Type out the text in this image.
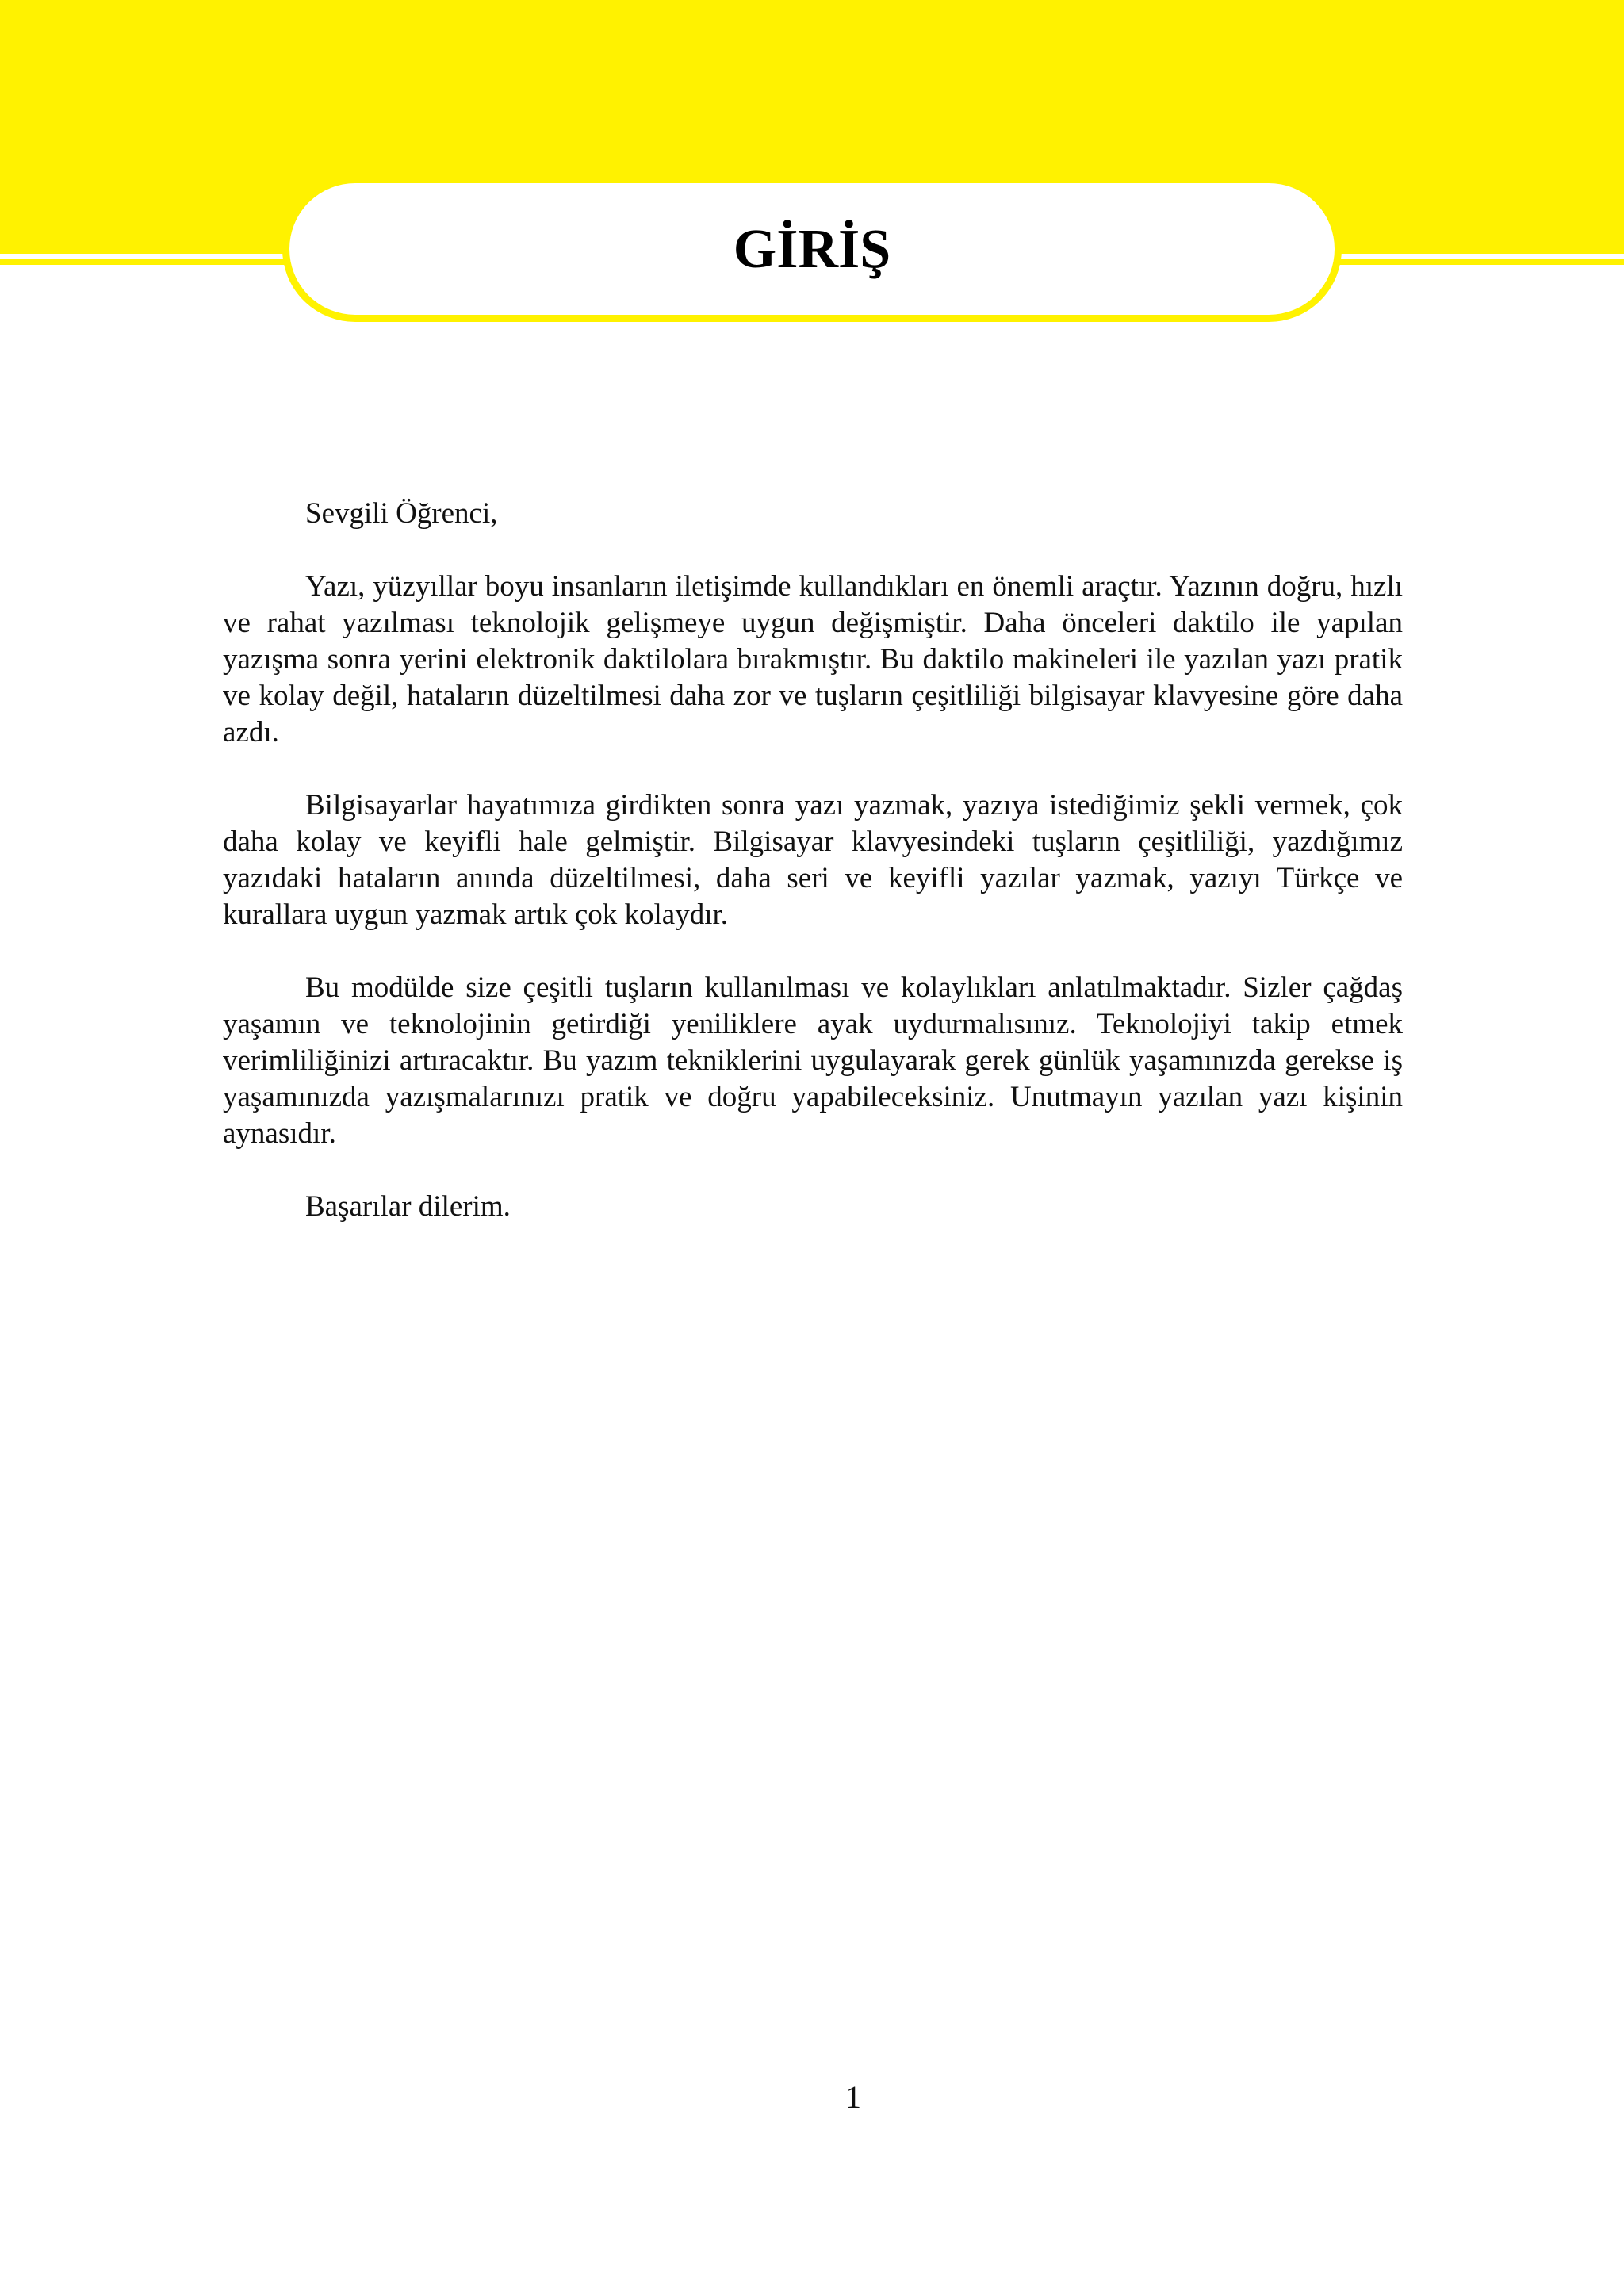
GİRİŞ

Sevgili Öğrenci,

Yazı, yüzyıllar boyu insanların iletişimde kullandıkları en önemli araçtır. Yazının doğru, hızlı ve rahat yazılması teknolojik gelişmeye uygun değişmiştir. Daha önceleri daktilo ile yapılan yazışma sonra yerini elektronik daktilolara bırakmıştır. Bu daktilo makineleri ile yazılan yazı pratik ve kolay değil, hataların düzeltilmesi daha zor ve tuşların çeşitliliği bilgisayar klavyesine göre daha azdı.

Bilgisayarlar hayatımıza girdikten sonra yazı yazmak, yazıya istediğimiz şekli vermek, çok daha kolay ve keyifli hale gelmiştir. Bilgisayar klavyesindeki tuşların çeşitliliği, yazdığımız yazıdaki hataların anında düzeltilmesi, daha seri ve keyifli yazılar yazmak, yazıyı Türkçe ve kurallara uygun yazmak artık çok kolaydır.

Bu modülde size çeşitli tuşların kullanılması ve kolaylıkları anlatılmaktadır. Sizler çağdaş yaşamın ve teknolojinin getirdiği yeniliklere ayak uydurmalısınız. Teknolojiyi takip etmek verimliliğinizi artıracaktır. Bu yazım tekniklerini uygulayarak gerek günlük yaşamınızda gerekse iş yaşamınızda yazışmalarınızı pratik ve doğru yapabileceksiniz. Unutmayın yazılan yazı kişinin aynasıdır.

Başarılar dilerim.

1
